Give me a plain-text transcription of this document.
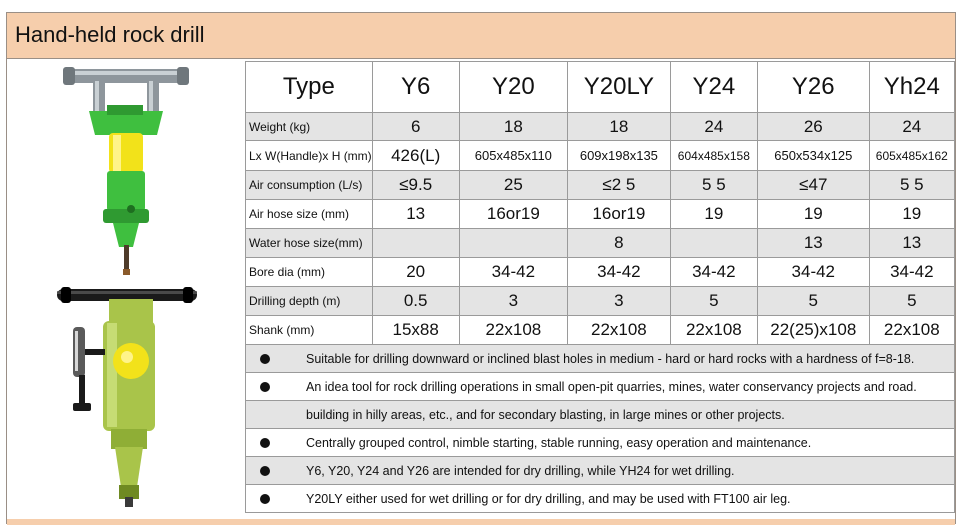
Hand-held rock drill
Type	Y6	Y20	Y20LY	Y24	Y26	Yh24
Weight (kg)	6	18	18	24	26	24
Lx W(Handle)x H (mm)	426(L)	605x485x110	609x198x135	604x485x158	650x534x125	605x485x162
Air consumption (L/s)	≤9.5	25	≤2 5	5 5	≤47	5 5
Air hose size (mm)	13	16or19	16or19	19	19	19
Water hose size(mm)			8		13	13
Bore dia (mm)	20	34-42	34-42	34-42	34-42	34-42
Drilling depth (m)	0.5	3	3	5	5	5
Shank (mm)	15x88	22x108	22x108	22x108	22(25)x108	22x108
Suitable for drilling downward or inclined blast holes in medium - hard or hard rocks with a hardness of f=8-18.						
An idea tool for rock drilling operations in small open-pit quarries, mines, water conservancy projects and road.						
building in hilly areas, etc., and for secondary blasting, in large mines or other projects.						
Centrally grouped control, nimble starting, stable running, easy operation and maintenance.						
Y6, Y20, Y24 and Y26 are intended for dry drilling, while YH24 for wet drilling.						
Y20LY either used for wet drilling or for dry drilling, and may be used with FT100 air leg.						
